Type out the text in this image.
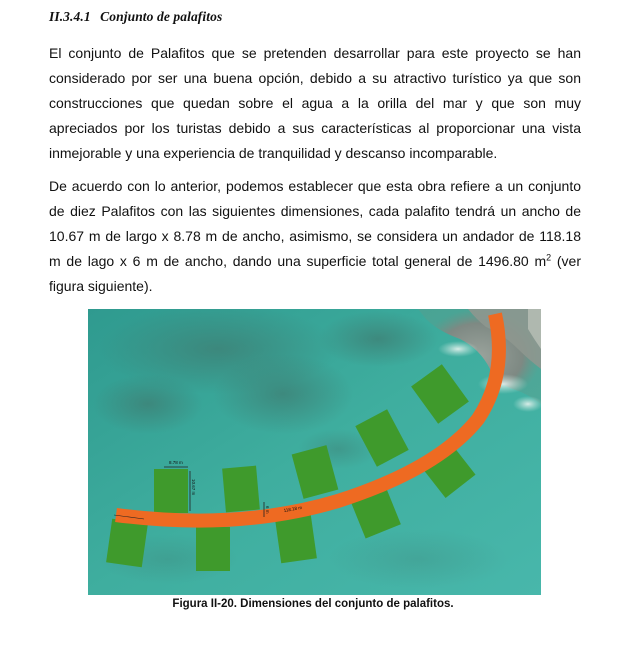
II.3.4.1 Conjunto de palafitos

El conjunto de Palafitos que se pretenden desarrollar para este proyecto se han considerado por ser una buena opción, debido a su atractivo turístico ya que son construcciones que quedan sobre el agua a la orilla del mar y que son muy apreciados por los turistas debido a sus características al proporcionar una vista inmejorable y una experiencia de tranquilidad y descanso incomparable.

De acuerdo con lo anterior, podemos establecer que esta obra refiere a un conjunto de diez Palafitos con las siguientes dimensiones, cada palafito tendrá un ancho de 10.67 m de largo x 8.78 m de ancho, asimismo, se considera un andador de 118.18 m de lago x 6 m de ancho, dando una superficie total general de 1496.80 $m^2$ (ver figura siguiente).

8.78 m
10.67 m
6 m	118.18 m
Figura II-20. Dimensiones del conjunto de palafitos.
